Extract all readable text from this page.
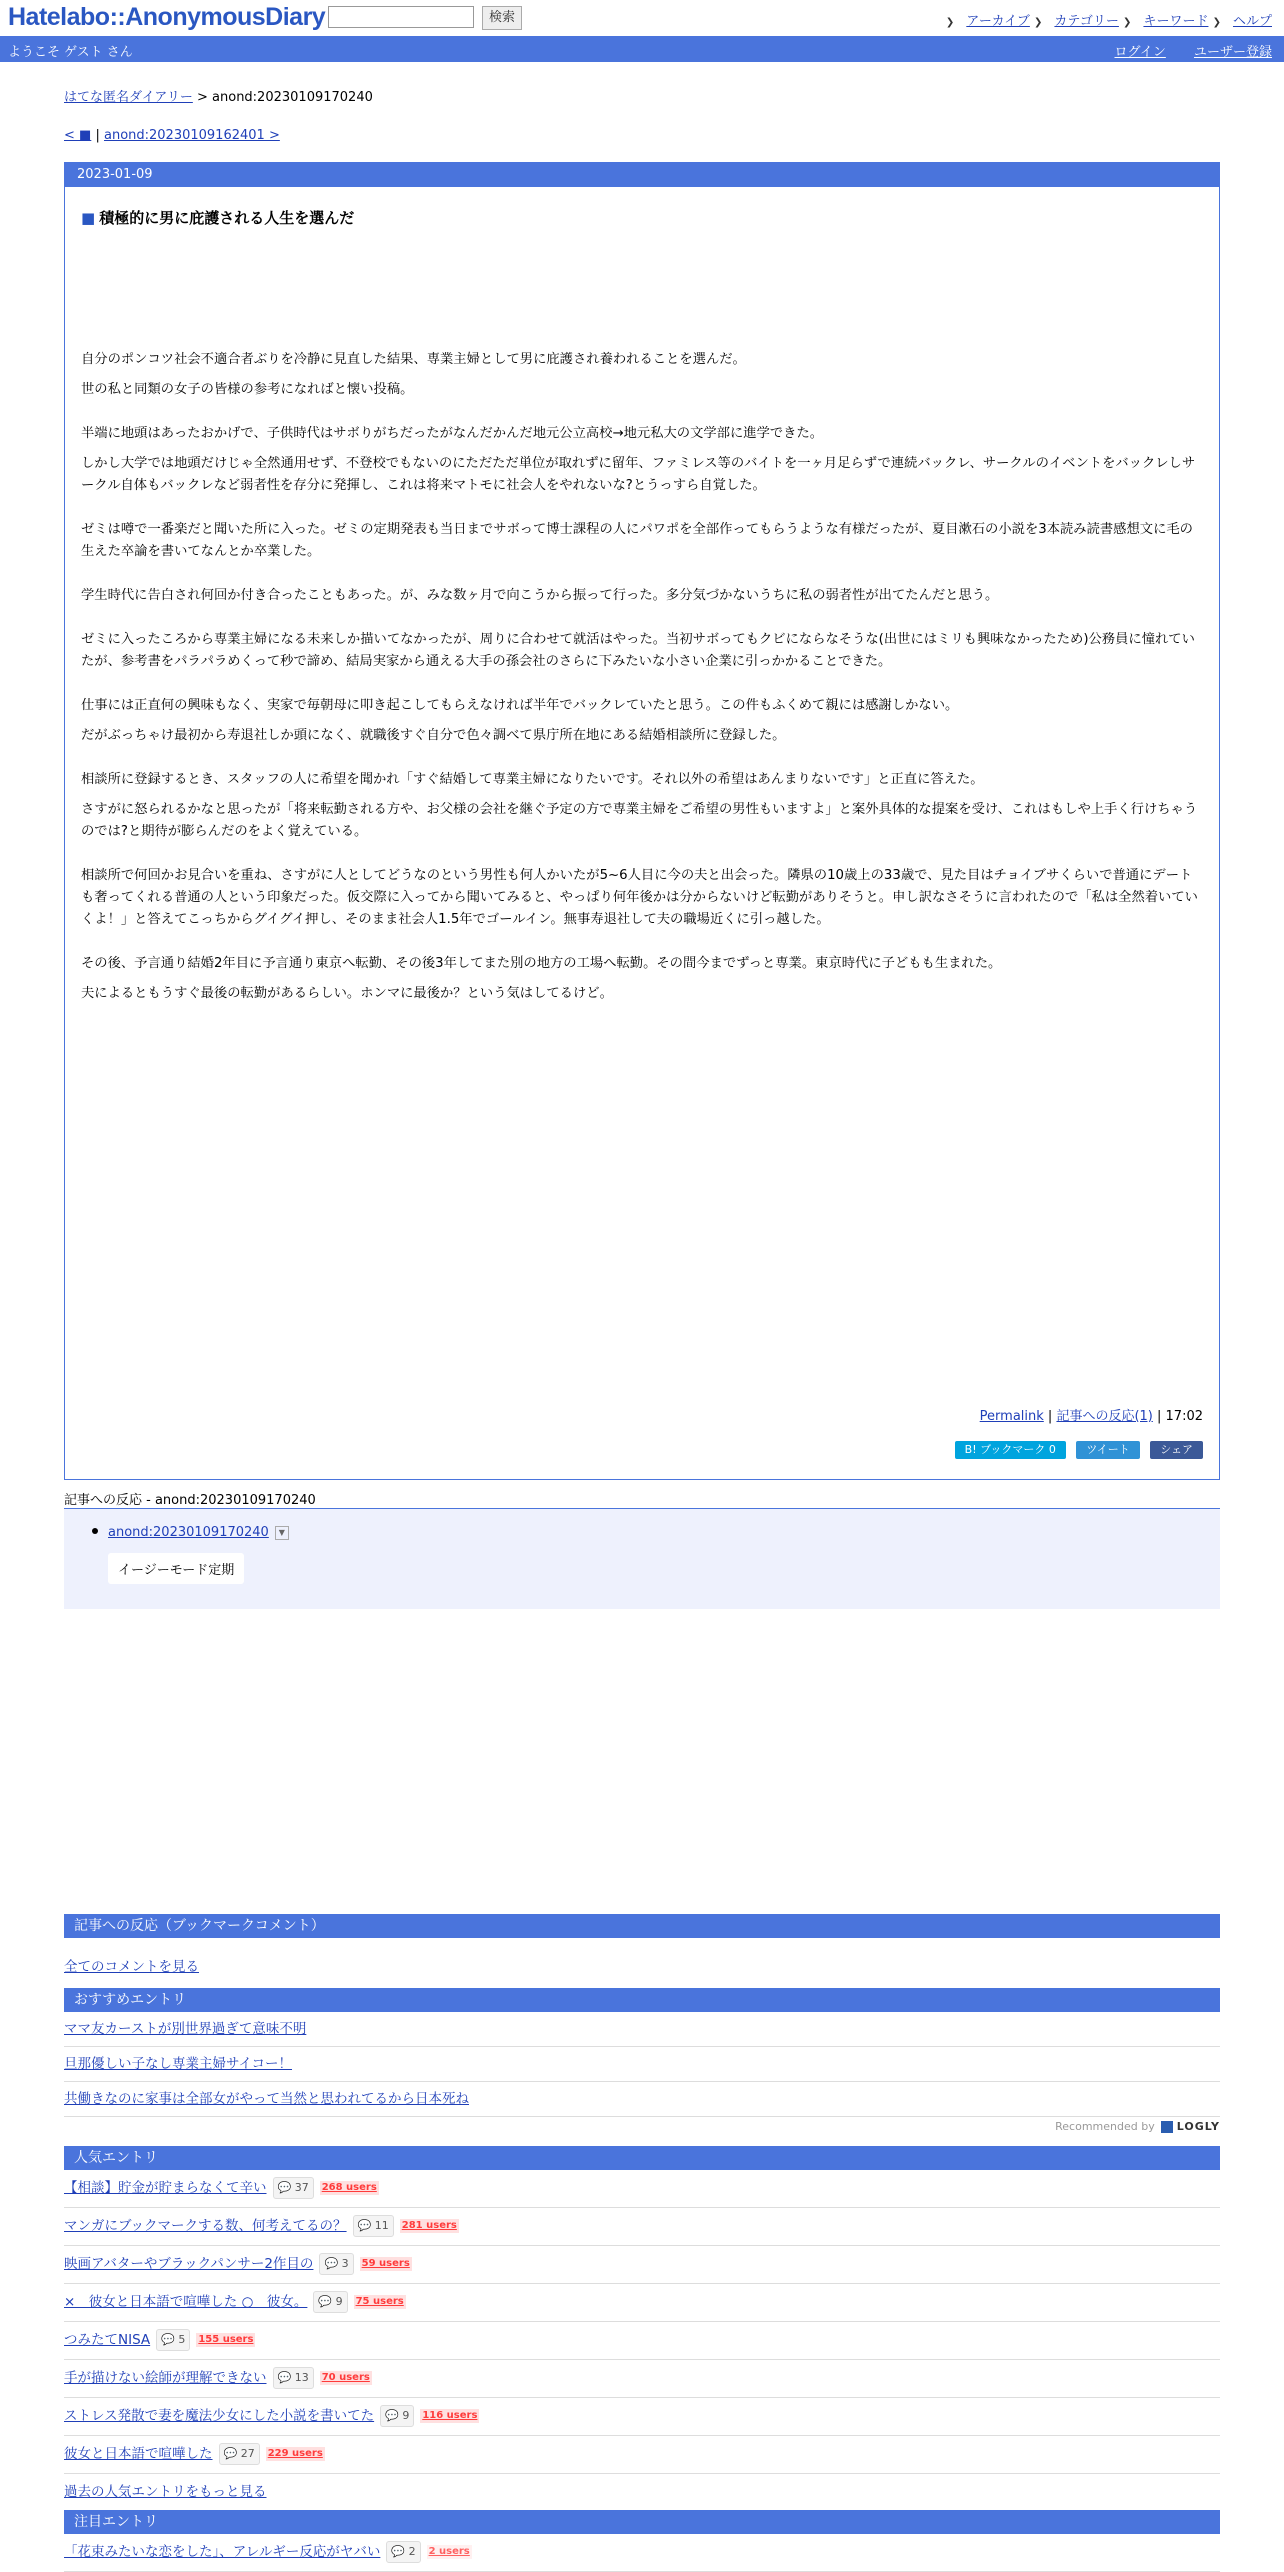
Hatelabo::AnonymousDiary	検索	❯ アーカイブ ❯ カテゴリー ❯ キーワード ❯ ヘルプ
ようこそ ゲスト さん	ログイン ユーザー登録
はてな匿名ダイアリー > anond:20230109170240
< ■ | anond:20230109162401 >
2023-01-09
■ 積極的に男に庇護される人生を選んだ

自分のポンコツ社会不適合者ぶりを冷静に見直した結果、専業主婦として男に庇護され養われることを選んだ。

世の私と同類の女子の皆様の参考になればと懐い投稿。

半端に地頭はあったおかげで、子供時代はサボりがちだったがなんだかんだ地元公立高校→地元私大の文学部に進学できた。

しかし大学では地頭だけじゃ全然通用せず、不登校でもないのにただただ単位が取れずに留年、ファミレス等のバイトを一ヶ月足らずで連続バックレ、サークルのイベントをバックレしサークル自体もバックレなど弱者性を存分に発揮し、これは将来マトモに社会人をやれないな?とうっすら自覚した。

ゼミは噂で一番楽だと聞いた所に入った。ゼミの定期発表も当日までサボって博士課程の人にパワポを全部作ってもらうような有様だったが、夏目漱石の小説を3本読み読書感想文に毛の生えた卒論を書いてなんとか卒業した。

学生時代に告白され何回か付き合ったこともあった。が、みな数ヶ月で向こうから振って行った。多分気づかないうちに私の弱者性が出てたんだと思う。

ゼミに入ったころから専業主婦になる未来しか描いてなかったが、周りに合わせて就活はやった。当初サボってもクビにならなそうな(出世にはミリも興味なかったため)公務員に憧れていたが、参考書をパラパラめくって秒で諦め、結局実家から通える大手の孫会社のさらに下みたいな小さい企業に引っかかることできた。

仕事には正直何の興味もなく、実家で毎朝母に叩き起こしてもらえなければ半年でバックレていたと思う。この件もふくめて親には感謝しかない。

だがぶっちゃけ最初から寿退社しか頭になく、就職後すぐ自分で色々調べて県庁所在地にある結婚相談所に登録した。

相談所に登録するとき、スタッフの人に希望を聞かれ「すぐ結婚して専業主婦になりたいです。それ以外の希望はあんまりないです」と正直に答えた。

さすがに怒られるかなと思ったが「将来転勤される方や、お父様の会社を継ぐ予定の方で専業主婦をご希望の男性もいますよ」と案外具体的な提案を受け、これはもしや上手く行けちゃうのでは?と期待が膨らんだのをよく覚えている。

相談所で何回かお見合いを重ね、さすがに人としてどうなのという男性も何人かいたが5~6人目に今の夫と出会った。隣県の10歳上の33歳で、見た目はチョイブサくらいで普通にデートも奢ってくれる普通の人という印象だった。仮交際に入ってから聞いてみると、やっぱり何年後かは分からないけど転勤がありそうと。申し訳なさそうに言われたので「私は全然着いていくよ！」と答えてこっちからグイグイ押し、そのまま社会人1.5年でゴールイン。無事寿退社して夫の職場近くに引っ越した。

その後、予言通り結婚2年目に予言通り東京へ転勤、その後3年してまた別の地方の工場へ転勤。その間今までずっと専業。東京時代に子どもも生まれた。

夫によるともうすぐ最後の転勤があるらしい。ホンマに最後か？という気はしてるけど。

Permalink | 記事への反応(1) | 17:02
B! ブックマーク 0	ツイート	シェア
記事への反応 - anond:20230109170240
anond:20230109170240 ▼
イージーモード定期
記事への反応（ブックマークコメント）
全てのコメントを見る
おすすめエントリ
ママ友カーストが別世界過ぎて意味不明
旦那優しい子なし専業主婦サイコー！
共働きなのに家事は全部女がやって当然と思われてるから日本死ね
Recommended by LOGLY
人気エントリ
【相談】貯金が貯まらなくて辛い 💬 37 268 users
マンガにブックマークする数、何考えてるの？ 💬 11 281 users
映画アバターやブラックパンサー2作目の 💬 3 59 users
×　彼女と日本語で喧嘩した ○　彼女。 💬 9 75 users
つみたてNISA 💬 5 155 users
手が描けない絵師が理解できない 💬 13 70 users
ストレス発散で妻を魔法少女にした小説を書いてた 💬 9 116 users
彼女と日本語で喧嘩した 💬 27 229 users
過去の人気エントリをもっと見る
注目エントリ
「花束みたいな恋をした」、アレルギー反応がヤバい 💬 2 2 users
